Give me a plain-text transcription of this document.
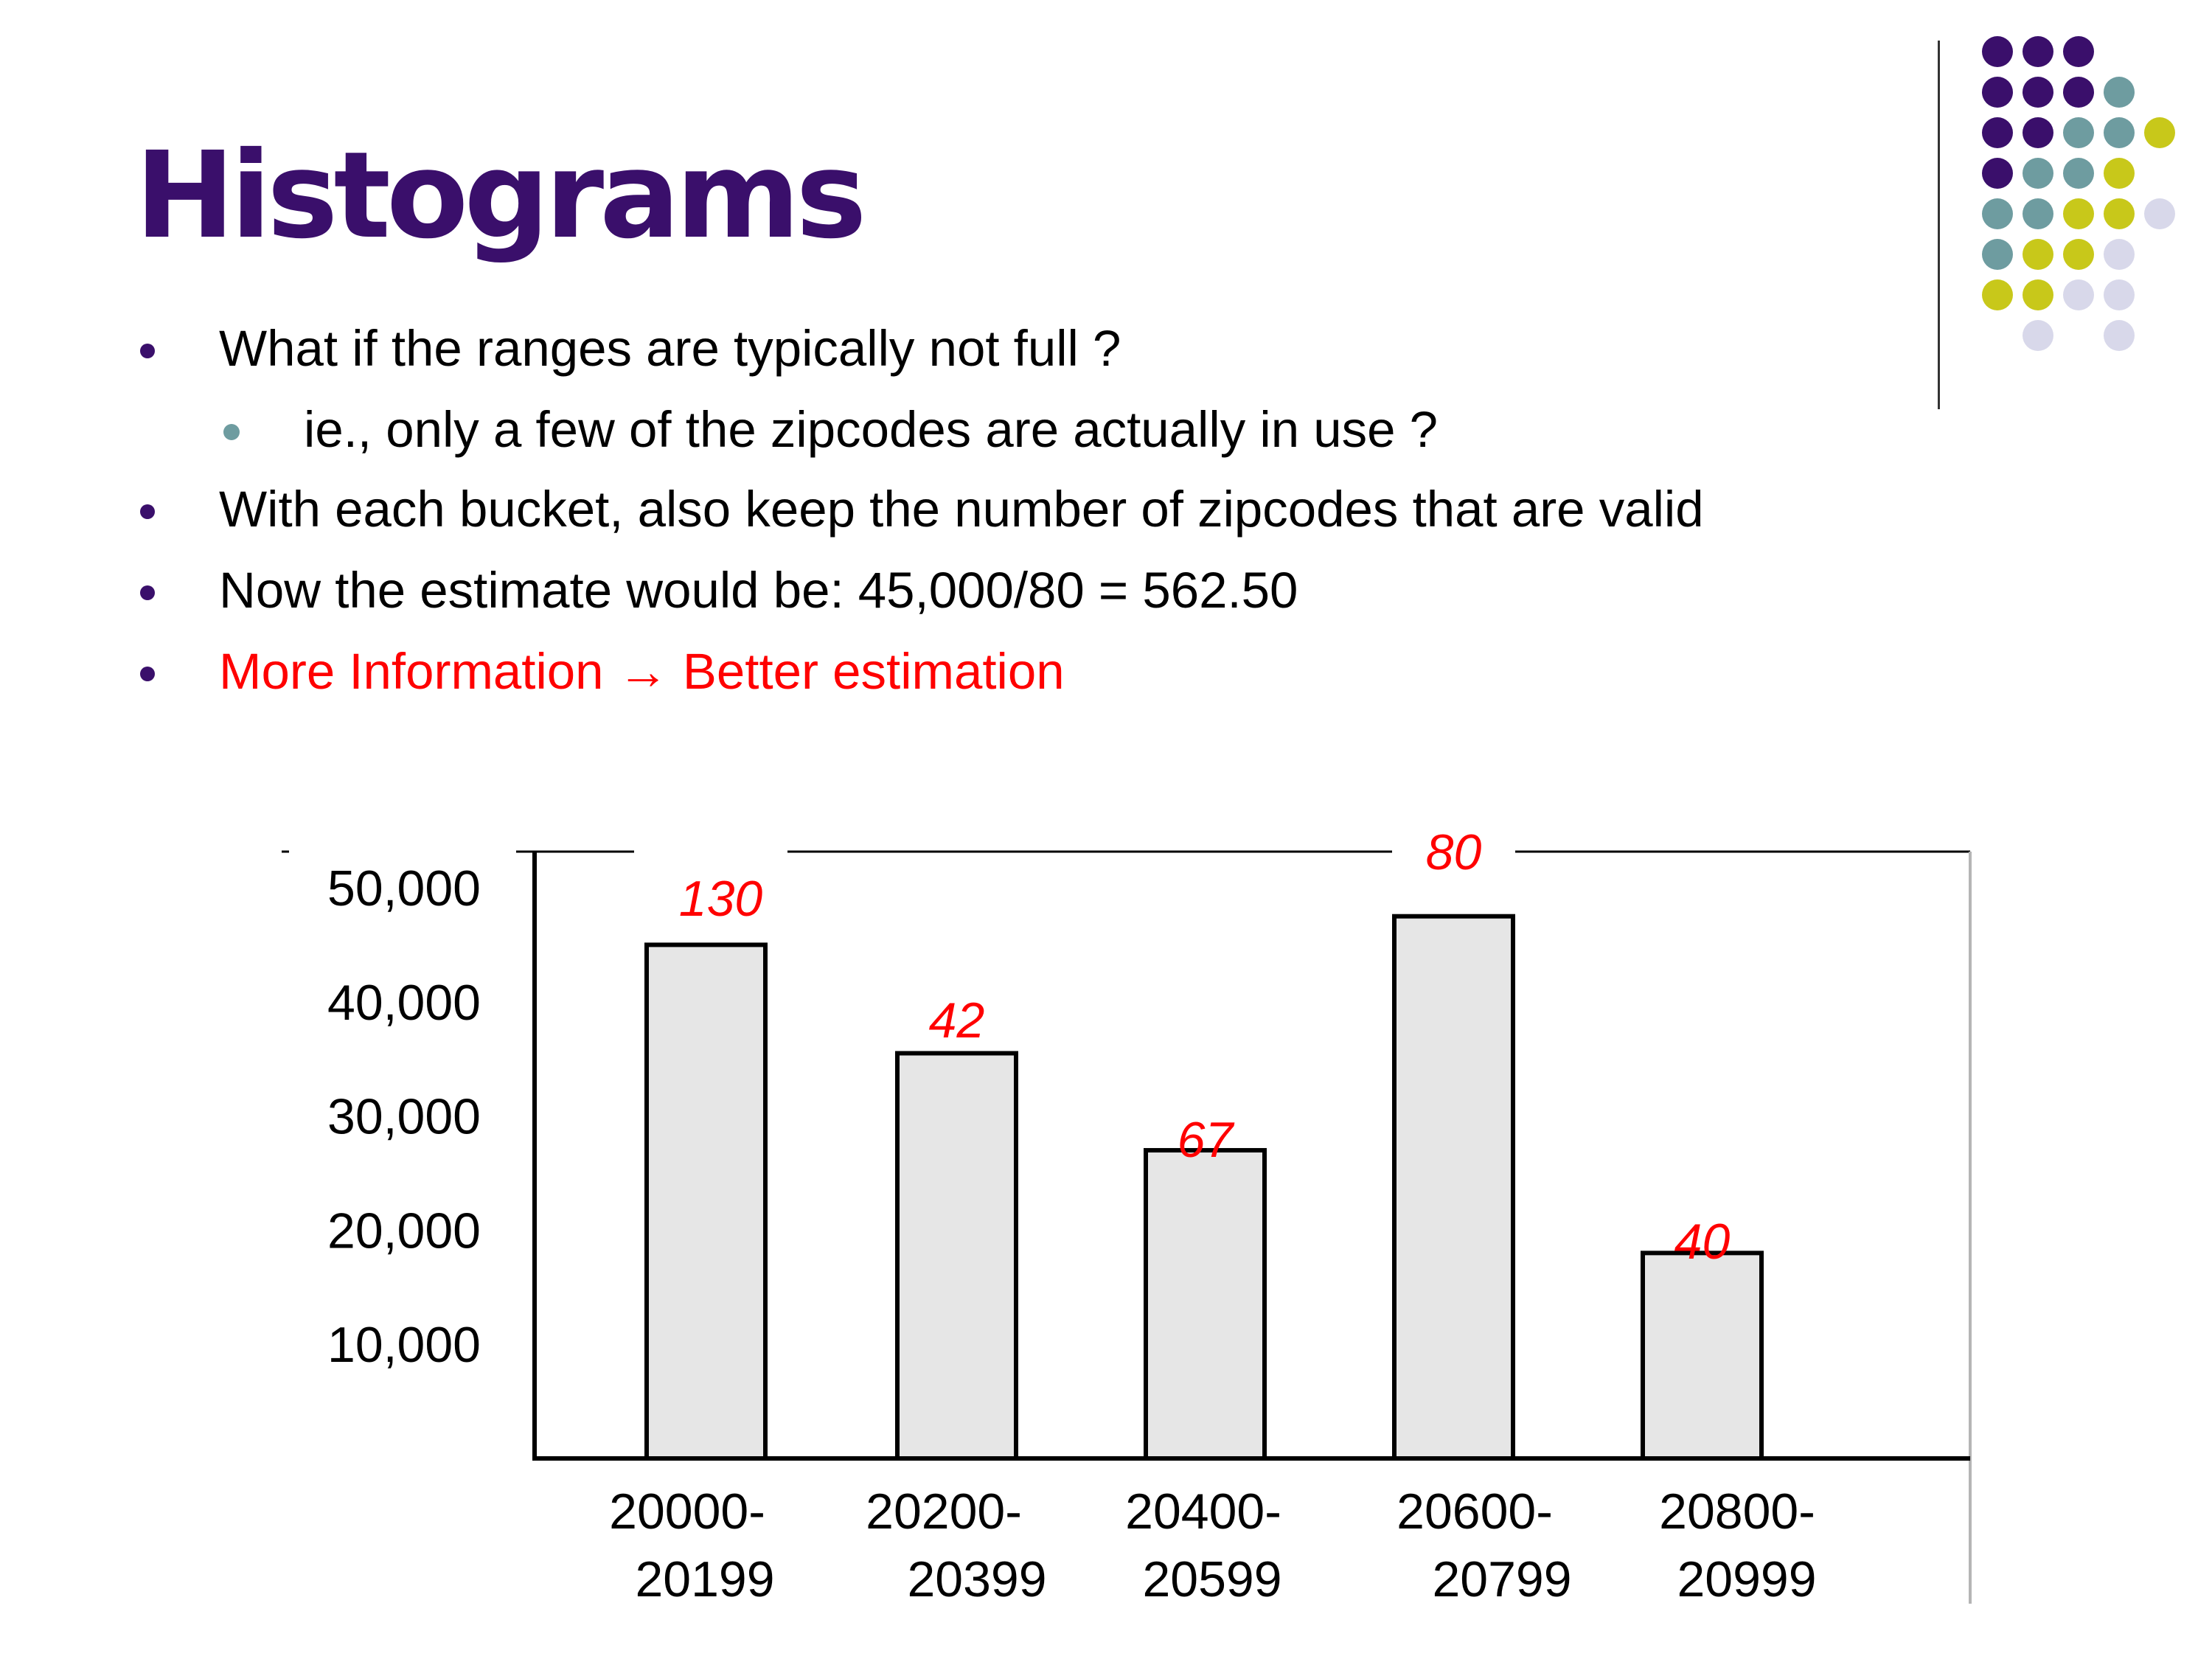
Histograms
What if the ranges are typically not full ?
ie., only a few of the zipcodes are actually in use ?
With each bucket, also keep the number of zipcodes that are valid
Now the estimate would be: 45,000/80 = 562.50
More Information → Better estimation
10,000
20,000
30,000
40,000
50,000	130
42
67
80
40
20000-
20199
20200-
20399
20400-
20599
20600-
20799
20800-
20999
